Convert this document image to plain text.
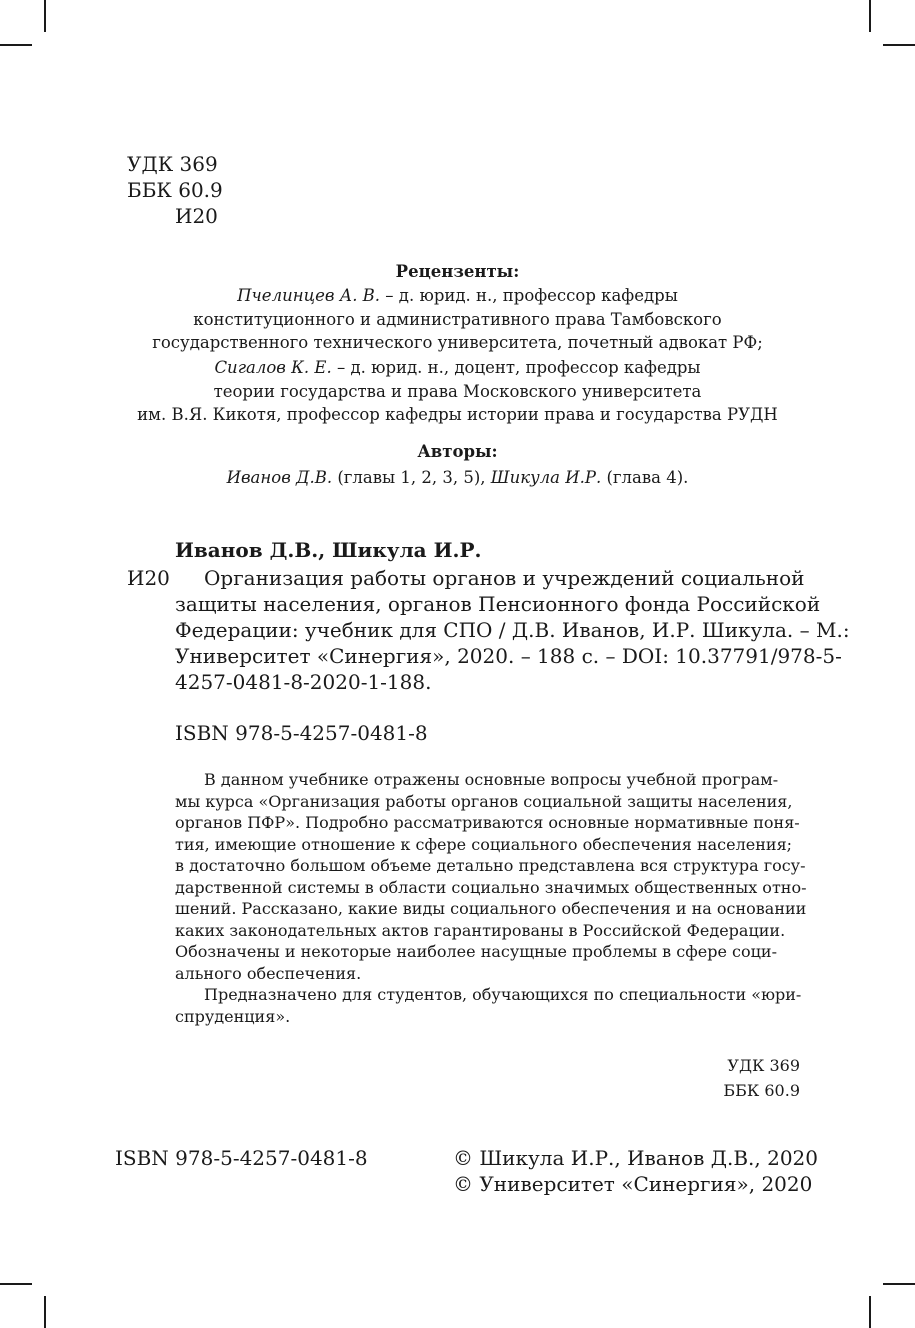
УДК 369
ББК 60.9
И20
Рецензенты:
Пчелинцев А. В. – д. юрид. н., профессор кафедры
конституционного и административного права Тамбовского
государственного технического университета, почетный адвокат РФ;
Сигалов К. Е. – д. юрид. н., доцент, профессор кафедры
теории государства и права Московского университета
им. В.Я. Кикотя, профессор кафедры истории права и государства РУДН
Авторы:
Иванов Д.В. (главы 1, 2, 3, 5), Шикула И.Р. (глава 4).
Иванов Д.В., Шикула И.Р.
И20	Организация работы органов и учреждений социальной
защиты населения, органов Пенсионного фонда Российской
Федерации: учебник для СПО / Д.В. Иванов, И.Р. Шикула. – М.:
Университет «Синергия», 2020. – 188 с. – DOI: 10.37791/978-5-
4257-0481-8-2020-1-188.
ISBN 978-5-4257-0481-8
В данном учебнике отражены основные вопросы учебной програм-
мы курса «Организация работы органов социальной защиты населения,
органов ПФР». Подробно рассматриваются основные нормативные поня-
тия, имеющие отношение к сфере социального обеспечения населения;
в достаточно большом объеме детально представлена вся структура госу-
дарственной системы в области социально значимых общественных отно-
шений. Рассказано, какие виды социального обеспечения и на основании
каких законодательных актов гарантированы в Российской Федерации.
Обозначены и некоторые наиболее насущные проблемы в сфере соци-
ального обеспечения.
Предназначено для студентов, обучающихся по специальности «юри-
спруденция».
УДК 369
ББК 60.9
ISBN 978-5-4257-0481-8	© Шикула И.Р., Иванов Д.В., 2020
© Университет «Синергия», 2020
